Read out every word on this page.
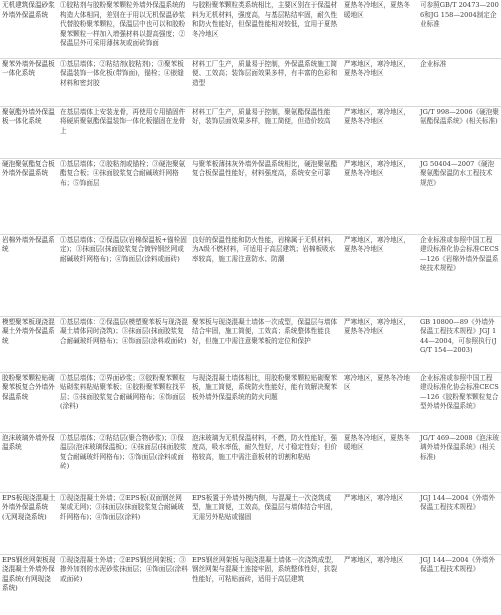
无机建筑保温砂浆外墙外保温系统	①胶粘剂与胶粉聚苯颗粒外墙外保温系统的构造大体相同，差别在于用以无机保温砂浆代替胶粉聚苯颗粒，保温层中也可以和胶粉聚苯颗粒一样加入增强材料以提高强度；②保温层外可采用薄抹灰或面砖饰面	与胶粉聚苯颗粒类系统相比，主要区别在于保温材料为无机材料，强度高，与基层粘结牢固，耐久性和防火性能好，但保温性能相对较低，宜用于夏热冬冷地区	夏热冬冷地区，夏热冬暖地区	可参照GB/T 20473—2006和JG 158—2004制定企业标准
聚苯外墙外保温板一体化系统	①基层墙体；②粘结剂(胶粘剂)；③聚苯板保温装饰一体化板(带饰面)，锚栓；④嵌缝材料和密封胶	材料工厂生产，质量易于控制，外保温系统施工简便、工效高；装饰层面效果多样，有丰富的色彩和造型	严寒地区，寒冷地区，夏热冬冷地区	企业标准
聚氨酯外墙外保温板一体化系统	在基层墙体上安装龙骨，再使用专用锚固件将硬质聚氨酯保温装饰一体化板锚固在龙骨上	材料工厂生产，质量易于控制，聚氨酯保温性能好，装饰层面效果多样，施工简便，但造价较高	严寒地区，寒冷地区，夏热冬冷地区	JG/T 998—2006《硬泡聚氨酯保温系统》(相关标准)
硬泡聚氨酯复合板外墙外保温系统	①基层墙体；②胶粘剂或锚栓；③硬泡聚氨酯复合板；④抹面胶浆复合耐碱玻纤网格布；⑤饰面层	与聚苯板薄抹灰外墙外保温系统相比，硬泡聚氨酯复合板保温性能好，材料强度高，系统安全可靠	严寒地区，寒冷地区，夏热冬冷地区	JG 50404—2007《硬泡聚氨酯保温防水工程技术规范》
岩棉外墙外保温系统	①基层墙体；②保温层(岩棉保温板+锚栓固定)；③抹面层(抹面胶浆复合镀锌钢丝网或耐碱玻纤网格布)；④饰面层(涂料或面砖)	良好的保温性能和防火性能，岩棉属于无机材料，为A级不燃材料，可适用于高层建筑；岩棉板吸水率较高，施工需注意防水、防潮	严寒地区，寒冷地区，夏热冬冷地区	企业标准或参照中国工程建设标准化协会标准CECS—126《岩棉外墙外保温系统技术规程》
模塑聚苯板现浇混凝土外墙外保温系统	①基层墙体：②保温层(模塑聚苯板与现浇混凝土墙体同时浇筑)；③抹面层(抹面胶浆复合耐碱玻纤网格布)；④饰面层(涂料或面砖)	聚苯板与现浇混凝土墙体一次成型，保温层与墙体结合牢固，施工简便，工效高；系统整体性能良好，但施工中需注意聚苯板的定位和保护	严寒地区，寒冷地区，夏热冬冷地区	GB 10800—89《外墙外保温工程技术规程》JGJ 144—2004，可参照执行(JG/T 154—2003)
胶粉聚苯颗粒贴砌聚苯板复合外墙外保温系统	①基层墙体；②界面砂浆；③胶粉聚苯颗粒贴砌浆料粘贴聚苯板；④胶粉聚苯颗粒找平层；⑤抹面胶浆复合耐碱网格布；⑥饰面层(涂料)	与现浇混凝土墙体相比，用胶粉聚苯颗粒贴砌聚苯板，施工简便，系统防火性能好，能有效解决聚苯板外墙外保温系统的防火问题	寒冷地区，夏热冬冷地区	企业标准或参照中国工程建设标准化协会标准CECS—126《胶粉聚苯颗粒复合型外墙外保温系统》
泡沫玻璃外墙外保温系统	①基层墙体；②粘结层(聚合物砂浆)；③保温层(泡沫玻璃保温板)；④抹面层(抹面胶浆复合耐碱玻纤网格布)；⑤饰面层(涂料或面砖)	泡沫玻璃为无机保温材料，不燃，防火性能好，强度高，吸水率低，耐久性好，尺寸稳定性好；但价格较高，施工中需注意板材的切割和粘贴	夏热冬冷地区，夏热冬暖地区	JG/T 469—2008《泡沫玻璃外墙外保温系统》(相关标准)
EPS板现浇混凝土外墙外保温系统(无网现浇系统)	①现浇混凝土外墙；②EPS板(双面钢丝网架或无网)；③抹面层(抹面胶浆复合耐碱玻纤网格布)；④饰面层(涂料)	EPS板置于外墙外模内侧，与混凝土一次浇筑成型，施工简便，工效高，保温层与墙体结合牢固，无需另外粘贴或锚固	严寒地区，寒冷地区	JGJ 144—2004《外墙外保温工程技术规程》
EPS钢丝网架板现浇混凝土外墙外保温系统(有网现浇系统)	①现浇混凝土外墙；②EPS钢丝网架板；③掺外加剂的水泥砂浆抹面层；④饰面层(涂料或面砖)	EPS钢丝网架板与现浇混凝土墙体一次浇筑成型，钢丝网架与混凝土连接牢固，系统整体性好，抗裂性能好，可粘贴面砖，适用于高层建筑	严寒地区，寒冷地区	JGJ 144—2004《外墙外保温工程技术规程》
